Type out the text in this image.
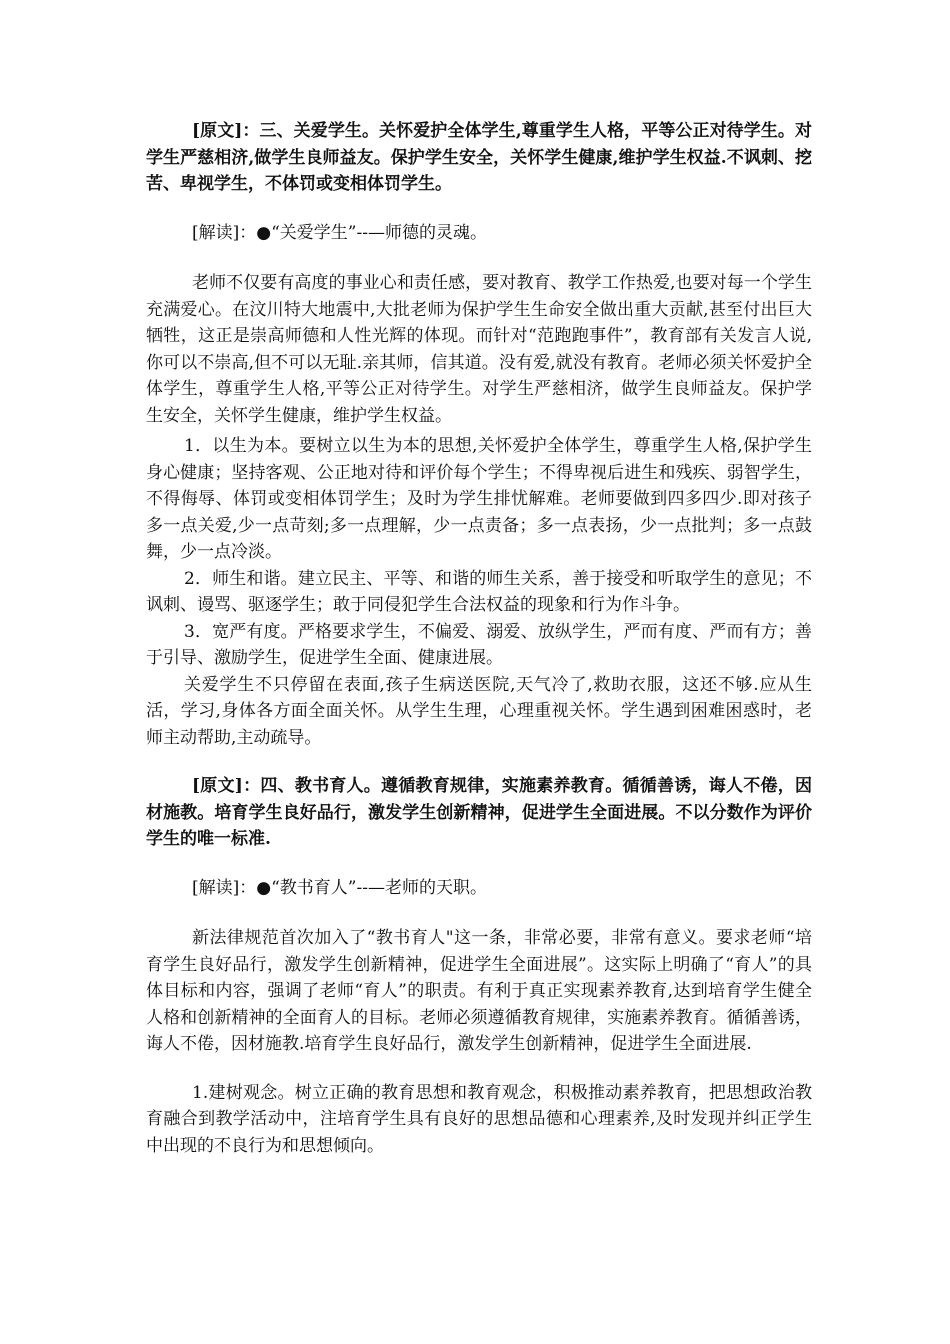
[原文]：三、关爱学生。关怀爱护全体学生,尊重学生人格，平等公正对待学生。对学生严慈相济,做学生良师益友。保护学生安全，关怀学生健康,维护学生权益.不讽刺、挖苦、卑视学生，不体罚或变相体罚学生。

[解读]：●“关爱学生”--—师德的灵魂。

老师不仅要有高度的事业心和责任感，要对教育、教学工作热爱,也要对每一个学生充满爱心。在汶川特大地震中,大批老师为保护学生生命安全做出重大贡献,甚至付出巨大牺牲，这正是崇高师德和人性光辉的体现。而针对“范跑跑事件”，教育部有关发言人说,你可以不崇高,但不可以无耻.亲其师，信其道。没有爱,就没有教育。老师必须关怀爱护全体学生，尊重学生人格,平等公正对待学生。对学生严慈相济，做学生良师益友。保护学生安全，关怀学生健康，维护学生权益。

1．以生为本。要树立以生为本的思想,关怀爱护全体学生，尊重学生人格,保护学生身心健康；坚持客观、公正地对待和评价每个学生；不得卑视后进生和残疾、弱智学生，不得侮辱、体罚或变相体罚学生；及时为学生排忧解难。老师要做到四多四少.即对孩子多一点关爱,少一点苛刻;多一点理解，少一点责备；多一点表扬，少一点批判；多一点鼓舞，少一点冷淡。

2．师生和谐。建立民主、平等、和谐的师生关系，善于接受和听取学生的意见；不讽刺、谩骂、驱逐学生；敢于同侵犯学生合法权益的现象和行为作斗争。

3．宽严有度。严格要求学生，不偏爱、溺爱、放纵学生，严而有度、严而有方；善于引导、激励学生，促进学生全面、健康进展。

关爱学生不只停留在表面,孩子生病送医院,天气冷了,救助衣服，这还不够.应从生活，学习,身体各方面全面关怀。从学生生理，心理重视关怀。学生遇到困难困惑时，老师主动帮助,主动疏导。

[原文]：四、教书育人。遵循教育规律，实施素养教育。循循善诱，诲人不倦，因材施教。培育学生良好品行，激发学生创新精神，促进学生全面进展。不以分数作为评价学生的唯一标准.

[解读]：●“教书育人”--—老师的天职。

新法律规范首次加入了“教书育人"这一条，非常必要，非常有意义。要求老师“培育学生良好品行，激发学生创新精神，促进学生全面进展”。这实际上明确了“育人”的具体目标和内容，强调了老师“育人”的职责。有利于真正实现素养教育,达到培育学生健全人格和创新精神的全面育人的目标。老师必须遵循教育规律，实施素养教育。循循善诱，诲人不倦，因材施教.培育学生良好品行，激发学生创新精神，促进学生全面进展.

1.建树观念。树立正确的教育思想和教育观念，积极推动素养教育，把思想政治教育融合到教学活动中，注培育学生具有良好的思想品德和心理素养,及时发现并纠正学生中出现的不良行为和思想倾向。
